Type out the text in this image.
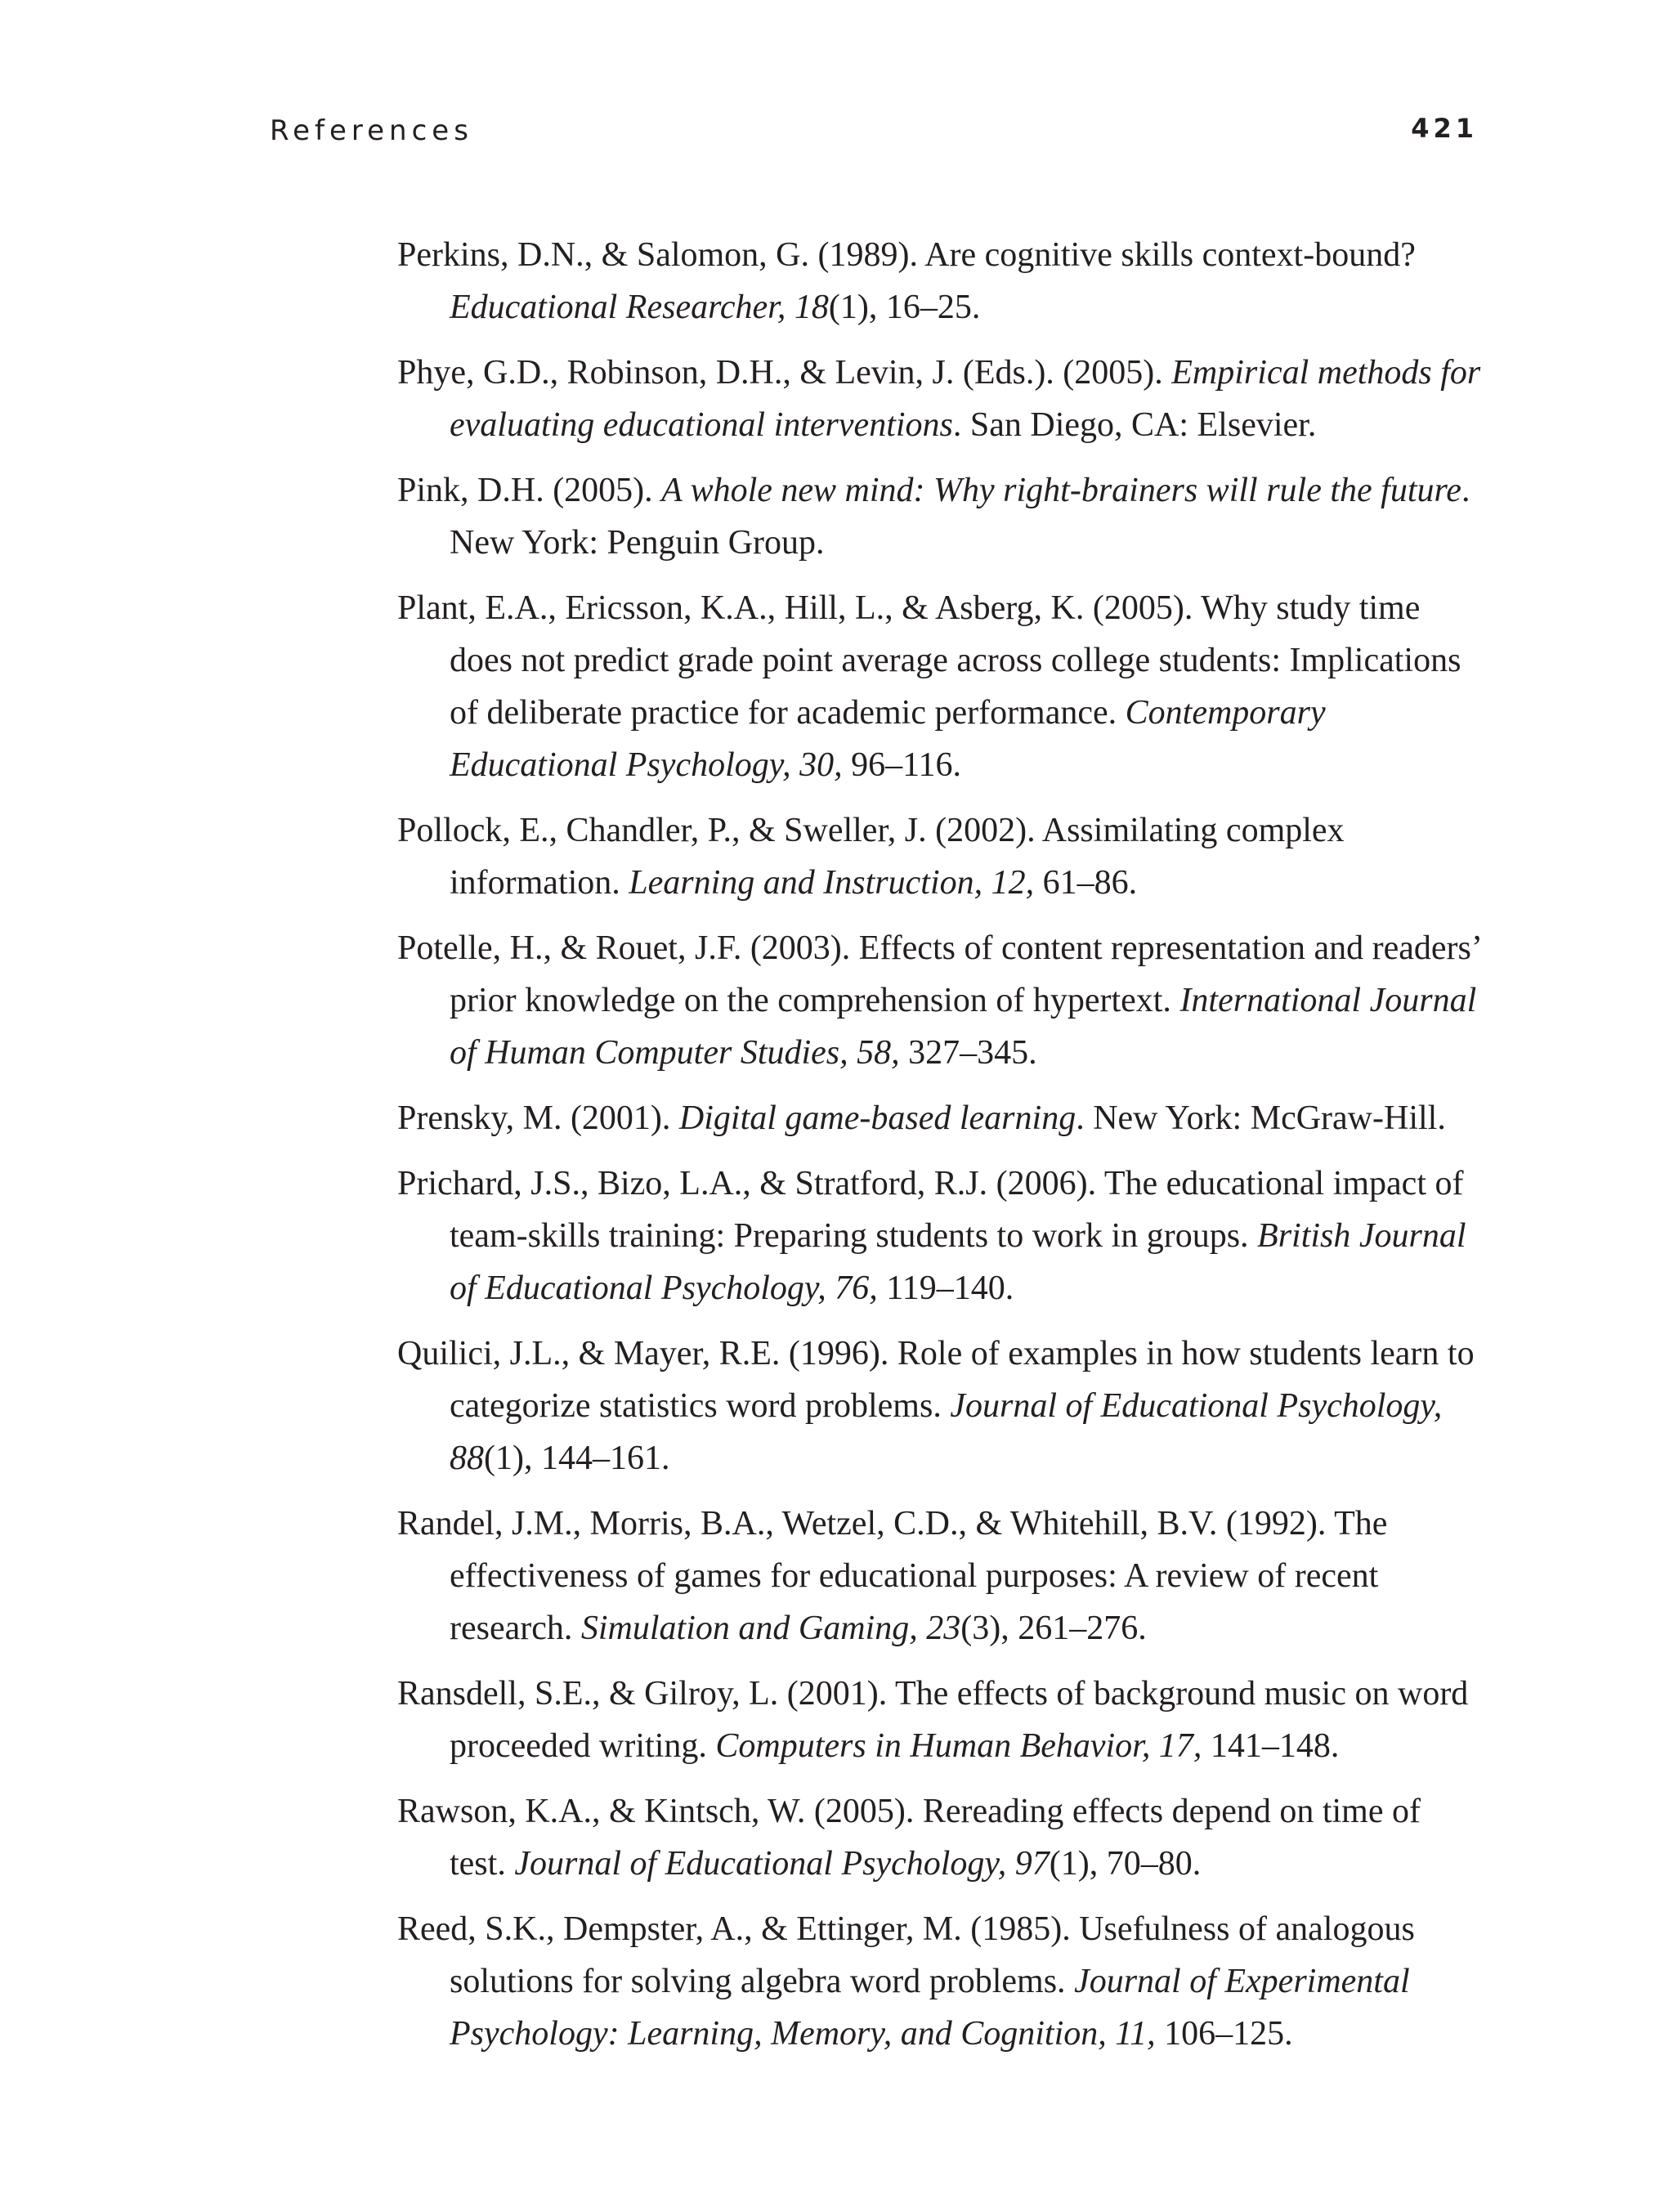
References	421

Perkins, D.N., & Salomon, G. (1989). Are cognitive skills context-bound? Educational Researcher, 18(1), 16–25.

Phye, G.D., Robinson, D.H., & Levin, J. (Eds.). (2005). Empirical methods for evaluating educational interventions. San Diego, CA: Elsevier.

Pink, D.H. (2005). A whole new mind: Why right-brainers will rule the future. New York: Penguin Group.

Plant, E.A., Ericsson, K.A., Hill, L., & Asberg, K. (2005). Why study time does not predict grade point average across college students: Implications of deliberate practice for academic performance. Contemporary Educational Psychology, 30, 96–116.

Pollock, E., Chandler, P., & Sweller, J. (2002). Assimilating complex information. Learning and Instruction, 12, 61–86.

Potelle, H., & Rouet, J.F. (2003). Effects of content representation and readers’ prior knowledge on the comprehension of hypertext. International Journal of Human Computer Studies, 58, 327–345.

Prensky, M. (2001). Digital game-based learning. New York: McGraw-Hill.

Prichard, J.S., Bizo, L.A., & Stratford, R.J. (2006). The educational impact of team-skills training: Preparing students to work in groups. British Journal of Educational Psychology, 76, 119–140.

Quilici, J.L., & Mayer, R.E. (1996). Role of examples in how students learn to categorize statistics word problems. Journal of Educational Psychology, 88(1), 144–161.

Randel, J.M., Morris, B.A., Wetzel, C.D., & Whitehill, B.V. (1992). The effectiveness of games for educational purposes: A review of recent research. Simulation and Gaming, 23(3), 261–276.

Ransdell, S.E., & Gilroy, L. (2001). The effects of background music on word proceeded writing. Computers in Human Behavior, 17, 141–148.

Rawson, K.A., & Kintsch, W. (2005). Rereading effects depend on time of test. Journal of Educational Psychology, 97(1), 70–80.

Reed, S.K., Dempster, A., & Ettinger, M. (1985). Usefulness of analogous solutions for solving algebra word problems. Journal of Experimental Psychology: Learning, Memory, and Cognition, 11, 106–125.
